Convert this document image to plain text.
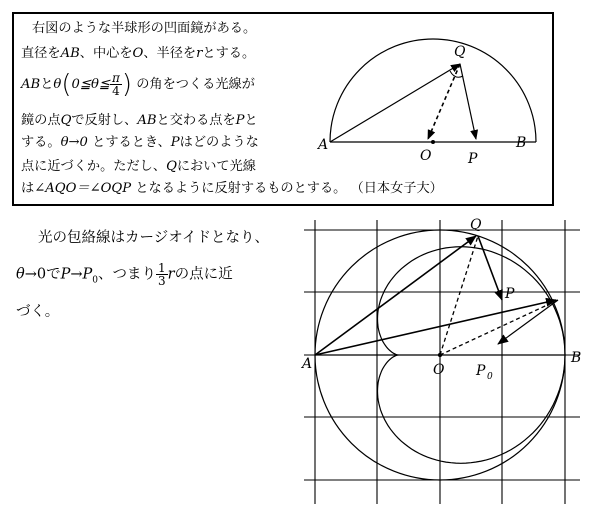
右図のような半球形の凹面鏡がある。
直径をAB、中心をO、半径をrとする。
ABとθ(0≦θ≦ $\frac{\pi}{4}$ ) の角をつくる光線が
鏡の点Qで反射し、ABと交わる点をPと
する。θ→0 とするとき、Pはどのような
点に近づくか。ただし、Qにおいて光線
は∠AQO＝∠OQP となるように反射するものとする。 （日本女子大）
A	B
O	P
Q
光の包絡線はカージオイドとなり、
θ→0で$P\to P_0$、つまり $\frac{1}{3}$ rの点に近
づく。
A	B
O
P
Q
P 0
